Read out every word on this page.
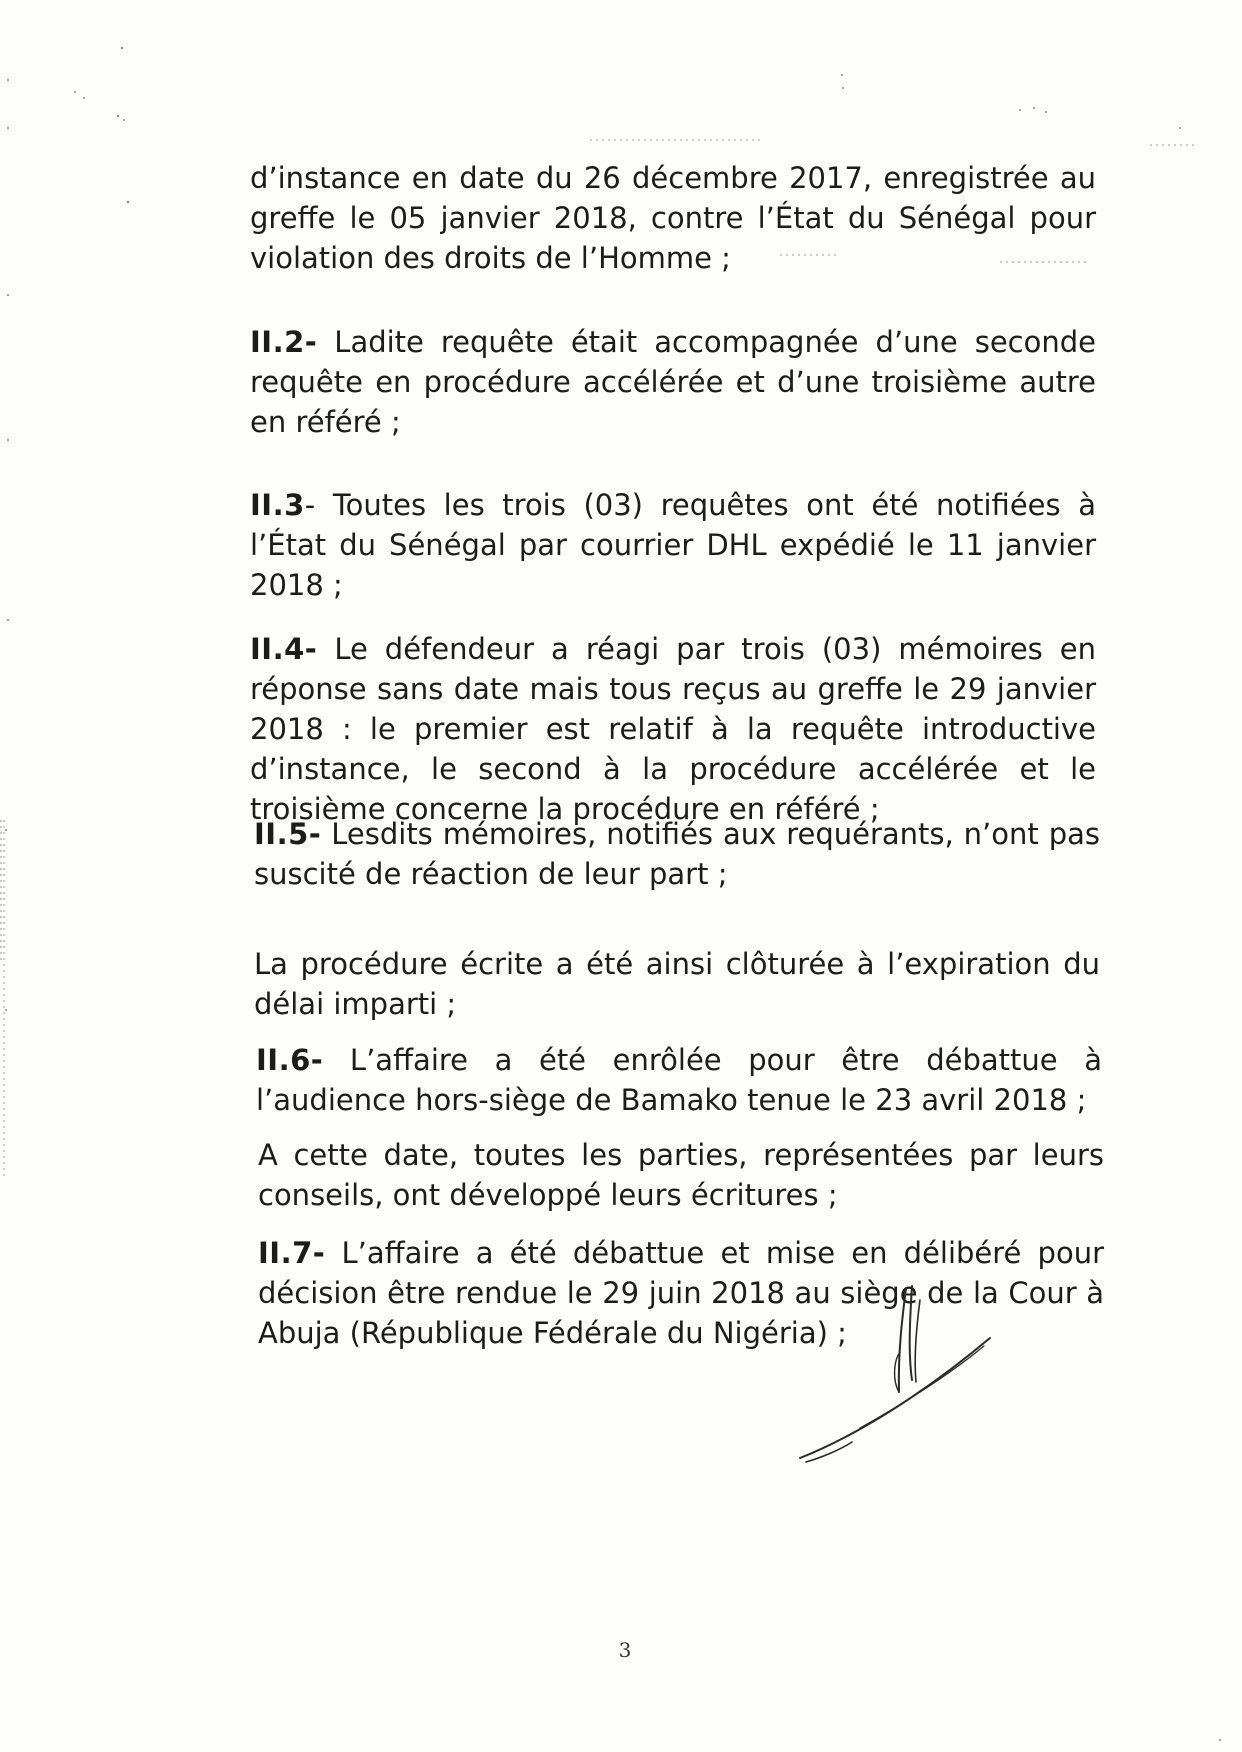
d’instance en date du 26 décembre 2017, enregistrée au greffe le 05 janvier 2018, contre l’État du Sénégal pour violation des droits de l’Homme ;

II.2- Ladite requête était accompagnée d’une seconde requête en procédure accélérée et d’une troisième autre en référé ;

II.3- Toutes les trois (03) requêtes ont été notifiées à l’État du Sénégal par courrier DHL expédié le 11 janvier 2018 ;

II.4- Le défendeur a réagi par trois (03) mémoires en réponse sans date mais tous reçus au greffe le 29 janvier 2018 : le premier est relatif à la requête introductive d’instance, le second à la procédure accélérée et le troisième concerne la procédure en référé ;

II.5- Lesdits mémoires, notifiés aux requérants, n’ont pas suscité de réaction de leur part ;

La procédure écrite a été ainsi clôturée à l’expiration du délai imparti ;

II.6- L’affaire a été enrôlée pour être débattue à l’audience hors-siège de Bamako tenue le 23 avril 2018 ;

A cette date, toutes les parties, représentées par leurs conseils, ont développé leurs écritures ;

II.7- L’affaire a été débattue et mise en délibéré pour décision être rendue le 29 juin 2018 au siège de la Cour à Abuja (République Fédérale du Nigéria) ;

3
